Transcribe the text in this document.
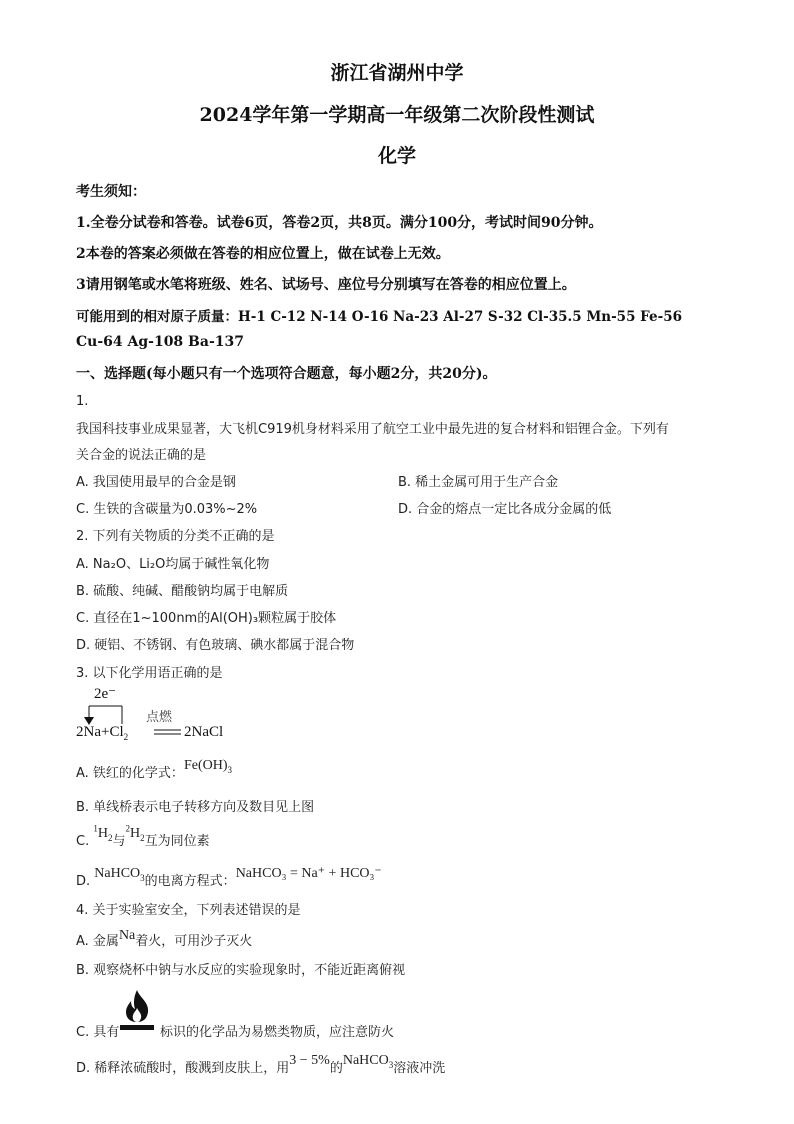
浙江省湖州中学
2024学年第一学期高一年级第二次阶段性测试
化学
考生须知：
1.全卷分试卷和答卷。试卷6页，答卷2页，共8页。满分100分，考试时间90分钟。
2本卷的答案必须做在答卷的相应位置上，做在试卷上无效。
3请用钢笔或水笔将班级、姓名、试场号、座位号分别填写在答卷的相应位置上。
可能用到的相对原子质量：H-1 C-12 N-14 O-16 Na-23 Al-27 S-32 Cl-35.5 Mn-55 Fe-56
Cu-64 Ag-108 Ba-137
一、选择题(每小题只有一个选项符合题意，每小题2分，共20分)。
1.
我国科技事业成果显著，大飞机C919机身材料采用了航空工业中最先进的复合材料和铝锂合金。下列有
关合金的说法正确的是
A. 我国使用最早的合金是钢	B. 稀土金属可用于生产合金
C. 生铁的含碳量为0.03%~2%	D. 合金的熔点一定比各成分金属的低
2. 下列有关物质的分类不正确的是
A. Na₂O、Li₂O均属于碱性氧化物
B. 硫酸、纯碱、醋酸钠均属于电解质
C. 直径在1~100nm的Al(OH)₃颗粒属于胶体
D. 硬铝、不锈钢、有色玻璃、碘水都属于混合物
3. 以下化学用语正确的是
2e⁻
点燃
$2Na+Cl_2$	2NaCl
A. 铁红的化学式：$Fe(OH)_3$
B. 单线桥表示电子转移方向及数目见上图
C. $^1H_2$与$^2H_2$互为同位素
D. NaHCO$_3$的电离方程式：NaHCO₃ = Na⁺ + HCO₃⁻
4. 关于实验室安全，下列表述错误的是
A. 金属Na着火，可用沙子灭火
B. 观察烧杯中钠与水反应的实验现象时，不能近距离俯视
C. 具有	标识的化学品为易燃类物质，应注意防火
D. 稀释浓硫酸时，酸溅到皮肤上，用3 − 5%的NaHCO$_3$溶液冲洗
